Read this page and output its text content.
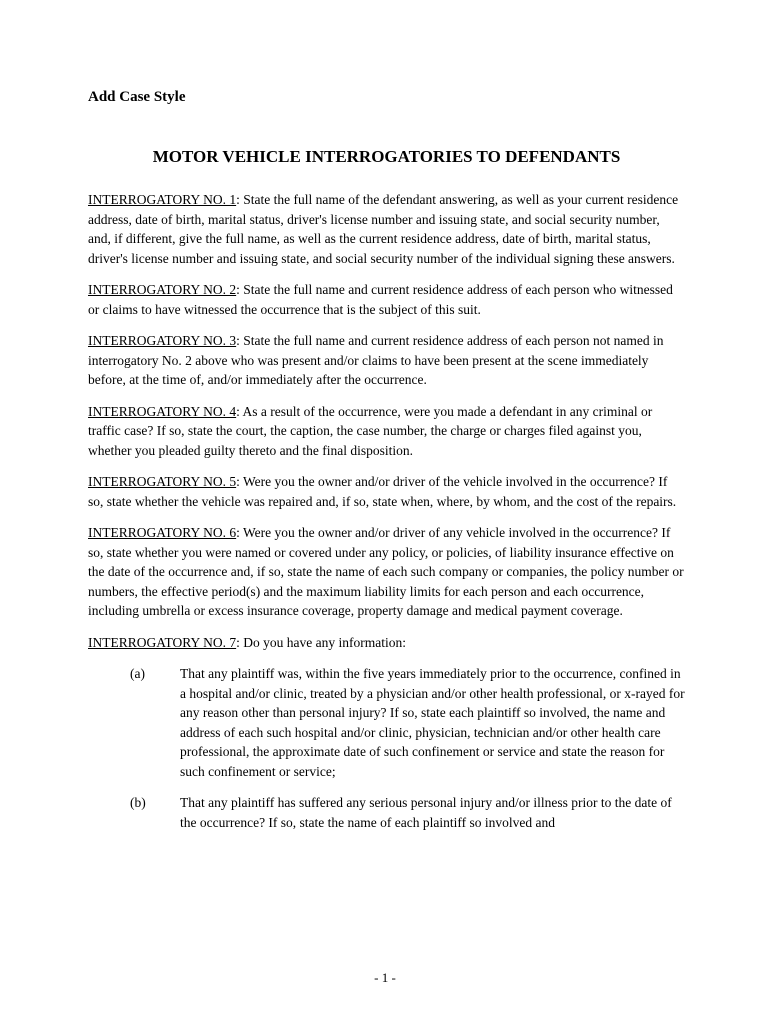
Add Case Style
MOTOR VEHICLE INTERROGATORIES TO DEFENDANTS

INTERROGATORY NO. 1: State the full name of the defendant answering, as well as your current residence address, date of birth, marital status, driver's license number and issuing state, and social security number, and, if different, give the full name, as well as the current residence address, date of birth, marital status, driver's license number and issuing state, and social security number of the individual signing these answers.

INTERROGATORY NO. 2: State the full name and current residence address of each person who witnessed or claims to have witnessed the occurrence that is the subject of this suit.

INTERROGATORY NO. 3: State the full name and current residence address of each person not named in interrogatory No. 2 above who was present and/or claims to have been present at the scene immediately before, at the time of, and/or immediately after the occurrence.

INTERROGATORY NO. 4: As a result of the occurrence, were you made a defendant in any criminal or traffic case? If so, state the court, the caption, the case number, the charge or charges filed against you, whether you pleaded guilty thereto and the final disposition.

INTERROGATORY NO. 5: Were you the owner and/or driver of the vehicle involved in the occurrence? If so, state whether the vehicle was repaired and, if so, state when, where, by whom, and the cost of the repairs.

INTERROGATORY NO. 6: Were you the owner and/or driver of any vehicle involved in the occurrence? If so, state whether you were named or covered under any policy, or policies, of liability insurance effective on the date of the occurrence and, if so, state the name of each such company or companies, the policy number or numbers, the effective period(s) and the maximum liability limits for each person and each occurrence, including umbrella or excess insurance coverage, property damage and medical payment coverage.

INTERROGATORY NO. 7: Do you have any information:

(a)	That any plaintiff was, within the five years immediately prior to the occurrence, confined in a hospital and/or clinic, treated by a physician and/or other health professional, or x-rayed for any reason other than personal injury? If so, state each plaintiff so involved, the name and address of each such hospital and/or clinic, physician, technician and/or other health care professional, the approximate date of such confinement or service and state the reason for such confinement or service;
(b)	That any plaintiff has suffered any serious personal injury and/or illness prior to the date of the occurrence? If so, state the name of each plaintiff so involved and
- 1 -
